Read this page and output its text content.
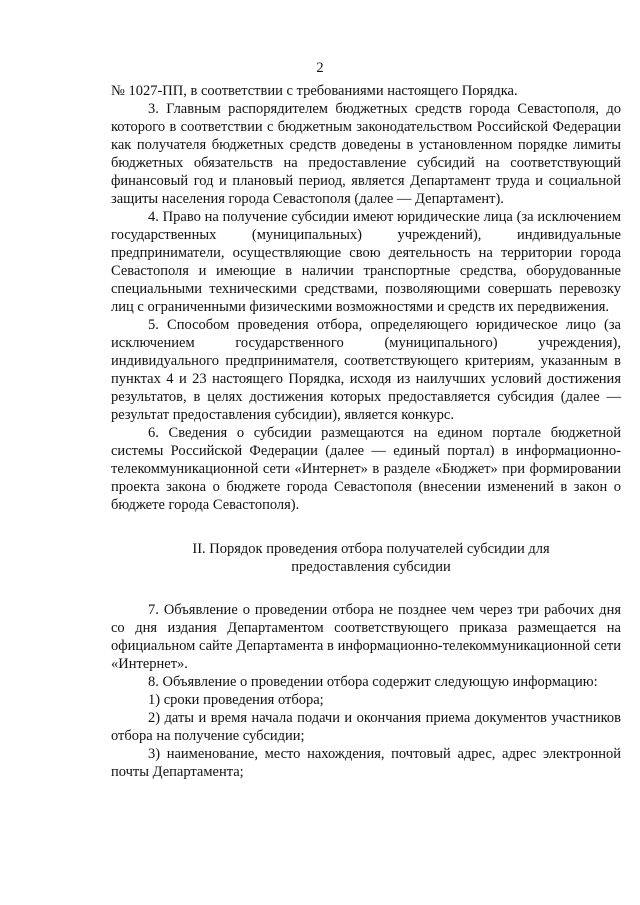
2

№ 1027-ПП, в соответствии с требованиями настоящего Порядка.

3. Главным распорядителем бюджетных средств города Севастополя, до которого в соответствии с бюджетным законодательством Российской Федерации как получателя бюджетных средств доведены в установленном порядке лимиты бюджетных обязательств на предоставление субсидий на соответствующий финансовый год и плановый период, является Департамент труда и социальной защиты населения города Севастополя (далее — Департамент).

4. Право на получение субсидии имеют юридические лица (за исключением государственных (муниципальных) учреждений), индивидуальные предприниматели, осуществляющие свою деятельность на территории города Севастополя и имеющие в наличии транспортные средства, оборудованные специальными техническими средствами, позволяющими совершать перевозку лиц с ограниченными физическими возможностями и средств их передвижения.

5. Способом проведения отбора, определяющего юридическое лицо (за исключением государственного (муниципального) учреждения), индивидуального предпринимателя, соответствующего критериям, указанным в пунктах 4 и 23 настоящего Порядка, исходя из наилучших условий достижения результатов, в целях достижения которых предоставляется субсидия (далее — результат предоставления субсидии), является конкурс.

6. Сведения о субсидии размещаются на едином портале бюджетной системы Российской Федерации (далее — единый портал) в информационно-телекоммуникационной сети «Интернет» в разделе «Бюджет» при формировании проекта закона о бюджете города Севастополя (внесении изменений в закон о бюджете города Севастополя).

II. Порядок проведения отбора получателей субсидии для
предоставления субсидии

7. Объявление о проведении отбора не позднее чем через три рабочих дня со дня издания Департаментом соответствующего приказа размещается на официальном сайте Департамента в информационно-телекоммуникационной сети «Интернет».

8. Объявление о проведении отбора содержит следующую информацию:

1) сроки проведения отбора;

2) даты и время начала подачи и окончания приема документов участников отбора на получение субсидии;

3) наименование, место нахождения, почтовый адрес, адрес электронной почты Департамента;
